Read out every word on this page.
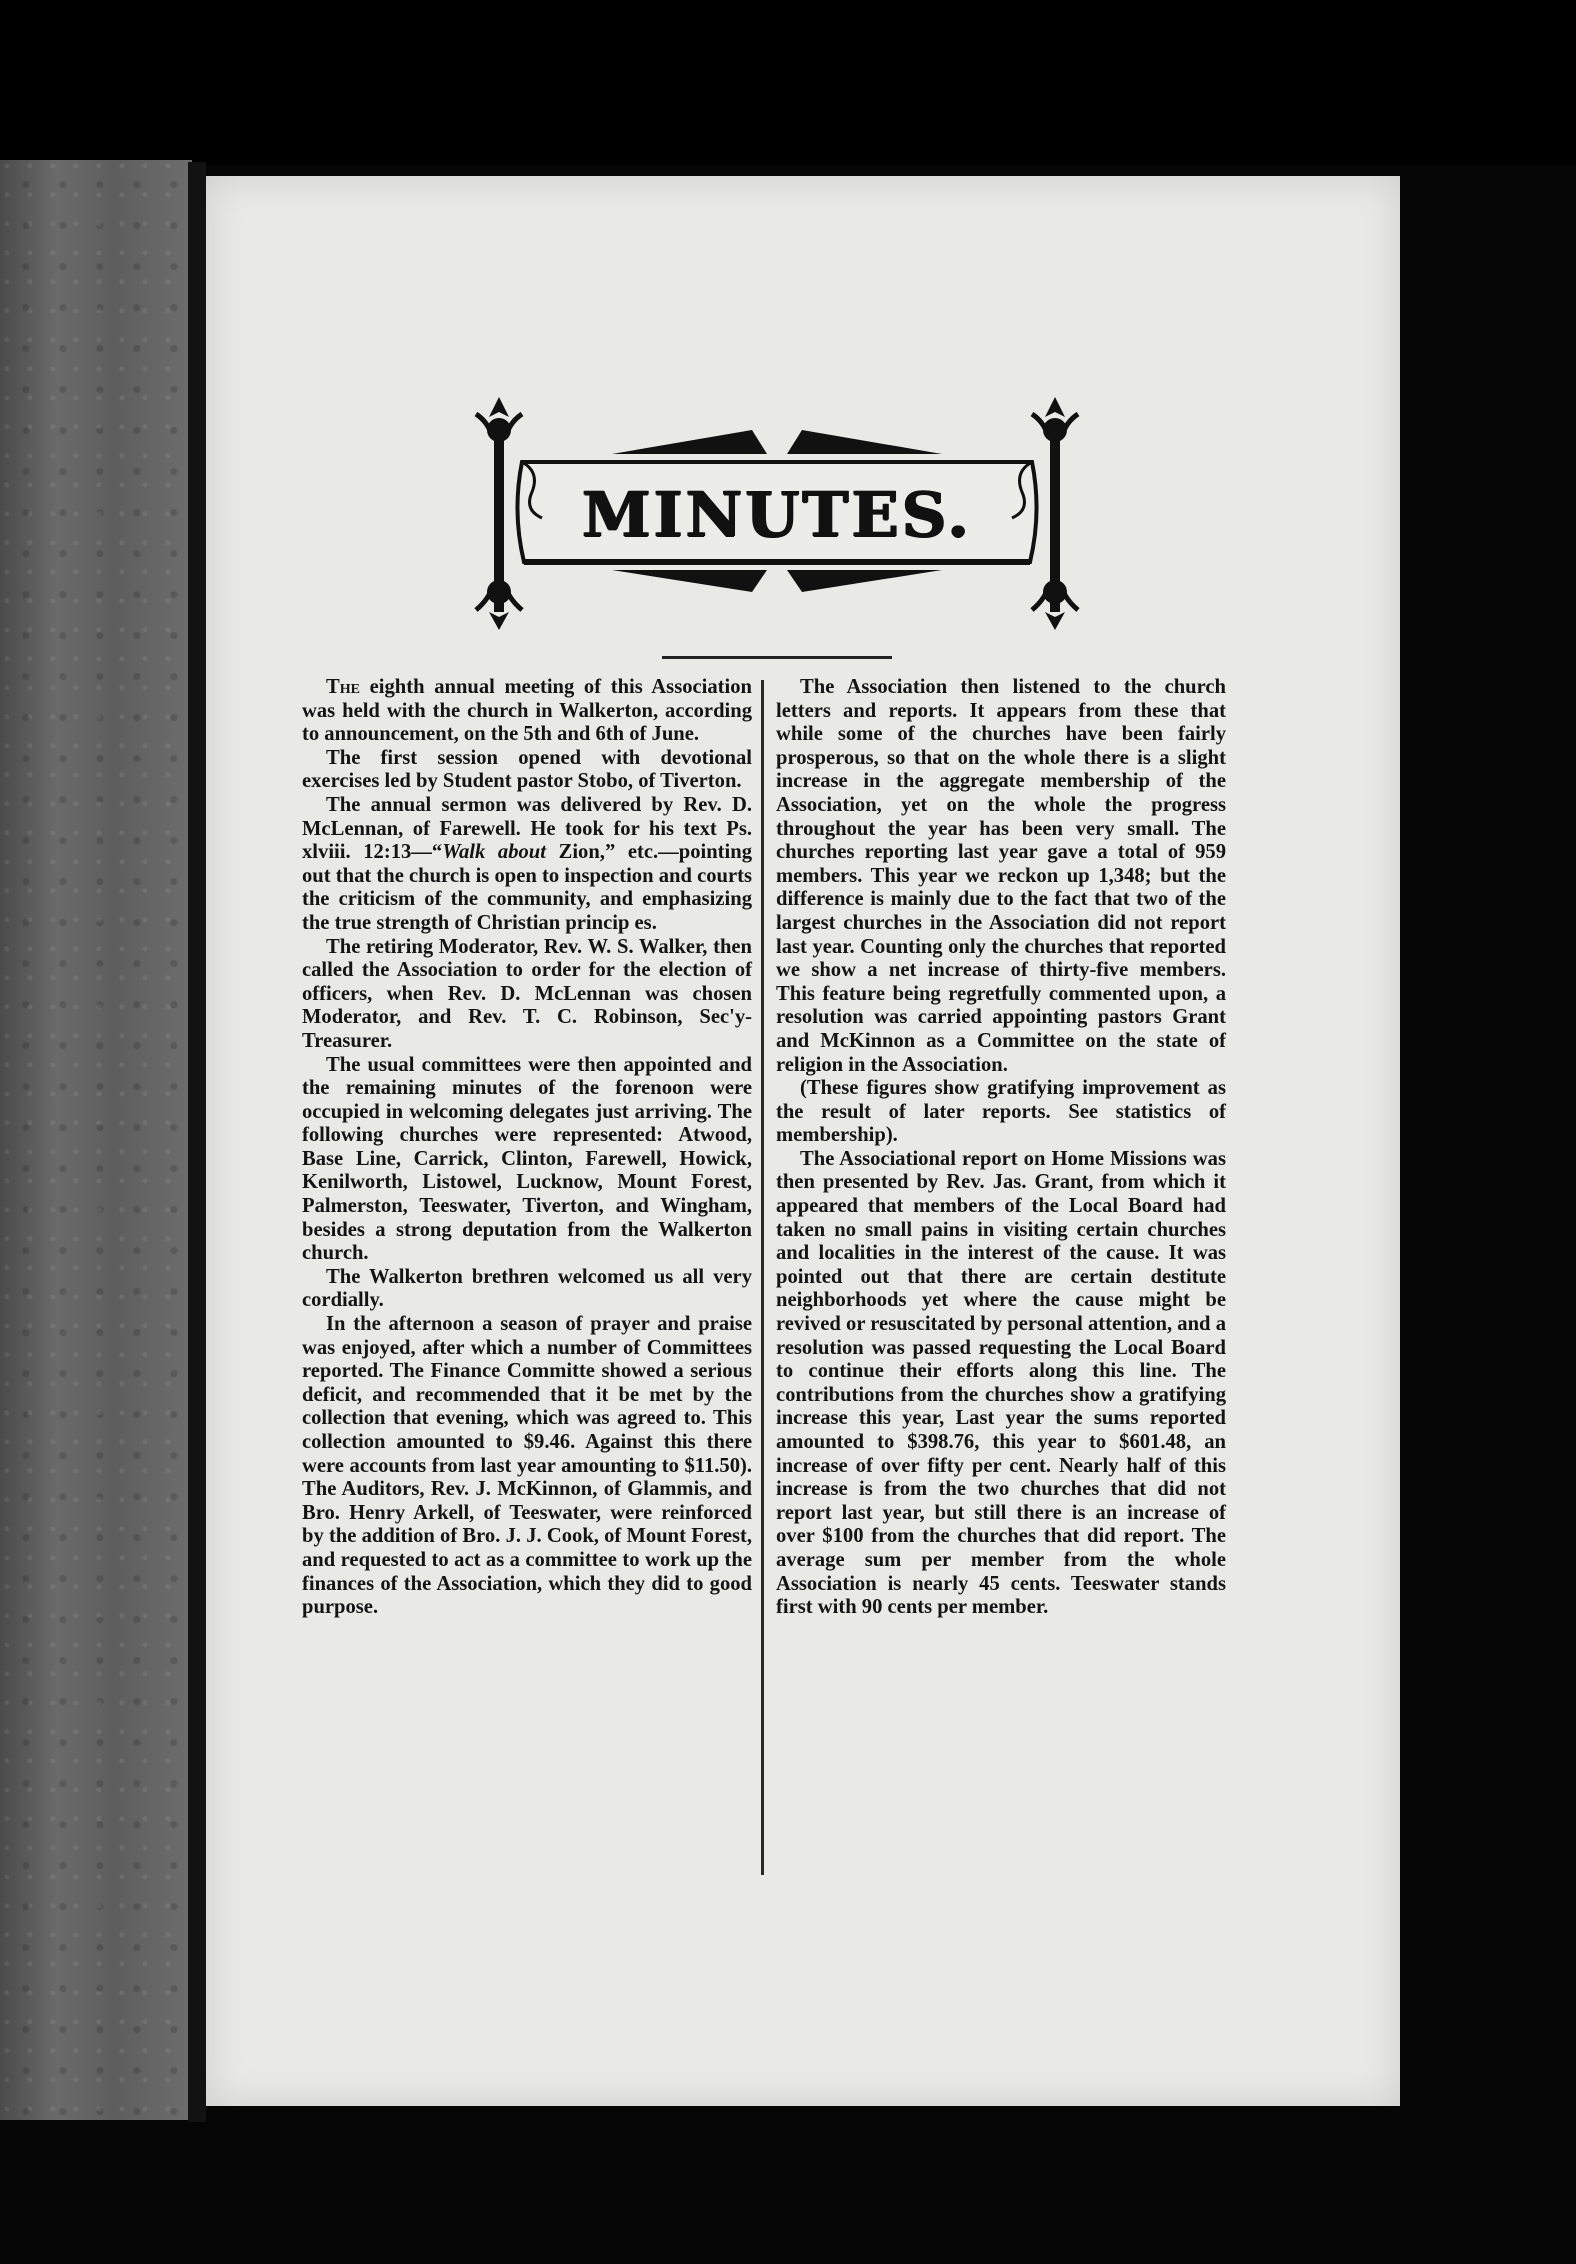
MINUTES.

The eighth annual meeting of this Association was held with the church in Walkerton, according to announcement, on the 5th and 6th of June.

The first session opened with devotional exercises led by Student pastor Stobo, of Tiverton.

The annual sermon was delivered by Rev. D. McLennan, of Farewell. He took for his text Ps. xlviii. 12:13—“Walk about Zion,” etc.—pointing out that the church is open to inspection and courts the criticism of the community, and emphasizing the true strength of Christian princip es.

The retiring Moderator, Rev. W. S. Walker, then called the Association to order for the election of officers, when Rev. D. McLennan was chosen Moderator, and Rev. T. C. Robinson, Sec'y-Treasurer.

The usual committees were then appointed and the remaining minutes of the forenoon were occupied in welcoming delegates just arriving. The following churches were represented: Atwood, Base Line, Carrick, Clinton, Farewell, Howick, Kenilworth, Listowel, Lucknow, Mount Forest, Palmerston, Teeswater, Tiverton, and Wingham, besides a strong deputation from the Walkerton church.

The Walkerton brethren welcomed us all very cordially.

In the afternoon a season of prayer and praise was enjoyed, after which a number of Committees reported. The Finance Committe showed a serious deficit, and recommended that it be met by the collection that evening, which was agreed to. This collection amounted to $9.46. Against this there were accounts from last year amounting to $11.50). The Auditors, Rev. J. McKinnon, of Glammis, and Bro. Henry Arkell, of Teeswater, were reinforced by the addition of Bro. J. J. Cook, of Mount Forest, and requested to act as a committee to work up the finances of the Association, which they did to good purpose.

The Association then listened to the church letters and reports. It appears from these that while some of the churches have been fairly prosperous, so that on the whole there is a slight increase in the aggregate membership of the Association, yet on the whole the progress throughout the year has been very small. The churches reporting last year gave a total of 959 members. This year we reckon up 1,348; but the difference is mainly due to the fact that two of the largest churches in the Association did not report last year. Counting only the churches that reported we show a net increase of thirty-five members. This feature being regretfully commented upon, a resolution was carried appointing pastors Grant and McKinnon as a Committee on the state of religion in the Association.

(These figures show gratifying improvement as the result of later reports. See statistics of membership).

The Associational report on Home Missions was then presented by Rev. Jas. Grant, from which it appeared that members of the Local Board had taken no small pains in visiting certain churches and localities in the interest of the cause. It was pointed out that there are certain destitute neighborhoods yet where the cause might be revived or resuscitated by personal attention, and a resolution was passed requesting the Local Board to continue their efforts along this line. The contributions from the churches show a gratifying increase this year, Last year the sums reported amounted to $398.76, this year to $601.48, an increase of over fifty per cent. Nearly half of this increase is from the two churches that did not report last year, but still there is an increase of over $100 from the churches that did report. The average sum per member from the whole Association is nearly 45 cents. Teeswater stands first with 90 cents per member.
